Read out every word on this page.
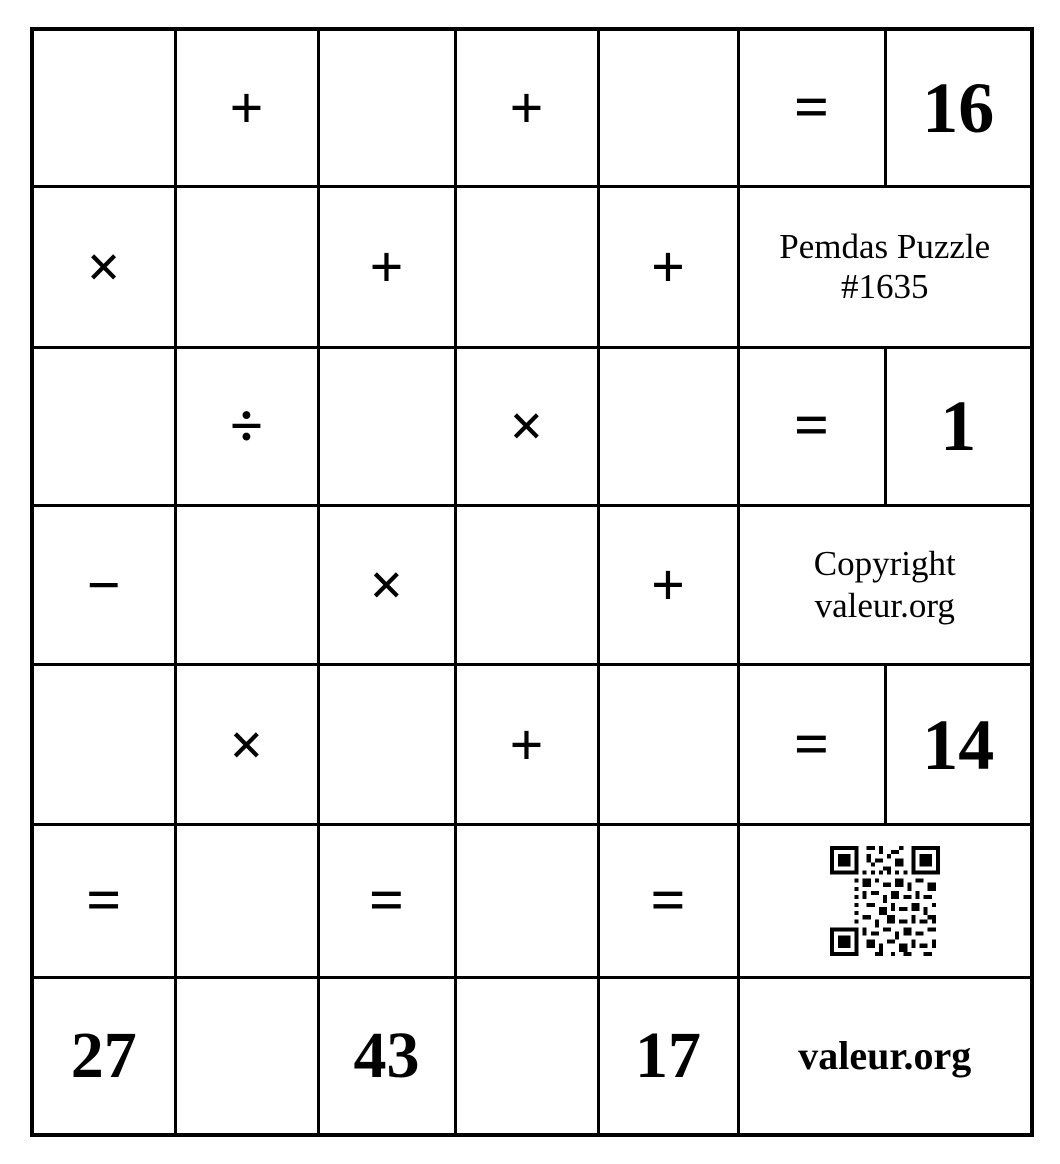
	+		+		=	16
×		+		+	Pemdas Puzzle
#1635	

	÷		×		=	1
−		×		+	Copyright
valeur.org	

	×		+		=	14
=		=		=	

27		43		17	valeur.org	
